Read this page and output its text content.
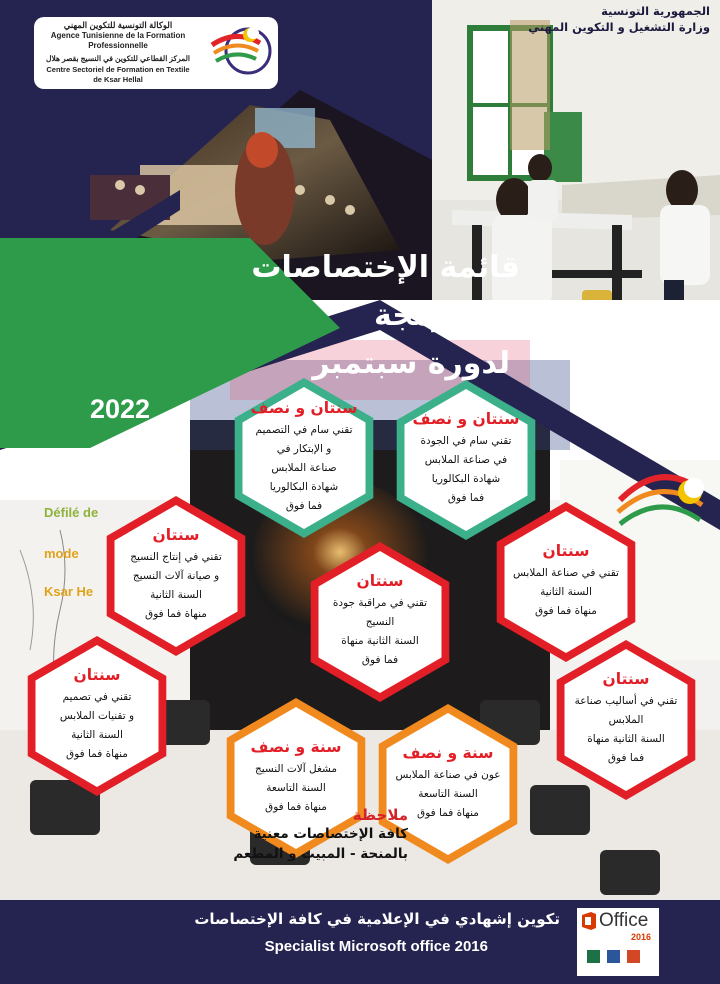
الوكالة التونسية للتكوين المهني
Agence Tunisienne de la Formation
Professionnelle
المركز القطاعي للتكوين في النسيج بقصر هلال
Centre Sectoriel de Formation en Textile
de Ksar Hellal
الجمهورية التونسية
وزارة التشغيل و التكوين المهني
قائمة الإختصاصات
المبرمجة
لدورة سبتمبر
2022
Défilé de
mode
Ksar He
سنتان و نصف
تقني سام في الجودة
في صناعة الملابس
شهادة البكالوريا
فما فوق
سنتان و نصف
تقني سام في التصميم
و الإبتكار في
صناعة الملابس
شهادة البكالوريا
فما فوق
سنتان
تقني في إنتاج النسيج
و صيانة آلات النسيج
السنة الثانية
منهاة فما فوق
سنتان
تقني في مراقبة جودة
النسيج
السنة الثانية منهاة
فما فوق
سنتان
تقني في صناعة الملابس
السنة الثانية
منهاة فما فوق
سنتان
تقني في تصميم
و تقنيات الملابس
السنة الثانية
منهاة فما فوق
سنتان
تقني في أساليب صناعة
الملابس
السنة الثانية منهاة
فما فوق
سنة و نصف
مشغل آلات النسيج
السنة التاسعة
منهاة فما فوق
سنة و نصف
عون في صناعة الملابس
السنة التاسعة
منهاة فما فوق
ملاحظة
كافة الإختصاصات معنية
بالمنحة - المبيت و المطعم
تكوين إشهادي في الإعلامية في كافة الإختصاصات
Specialist Microsoft office 2016
Office
2016
